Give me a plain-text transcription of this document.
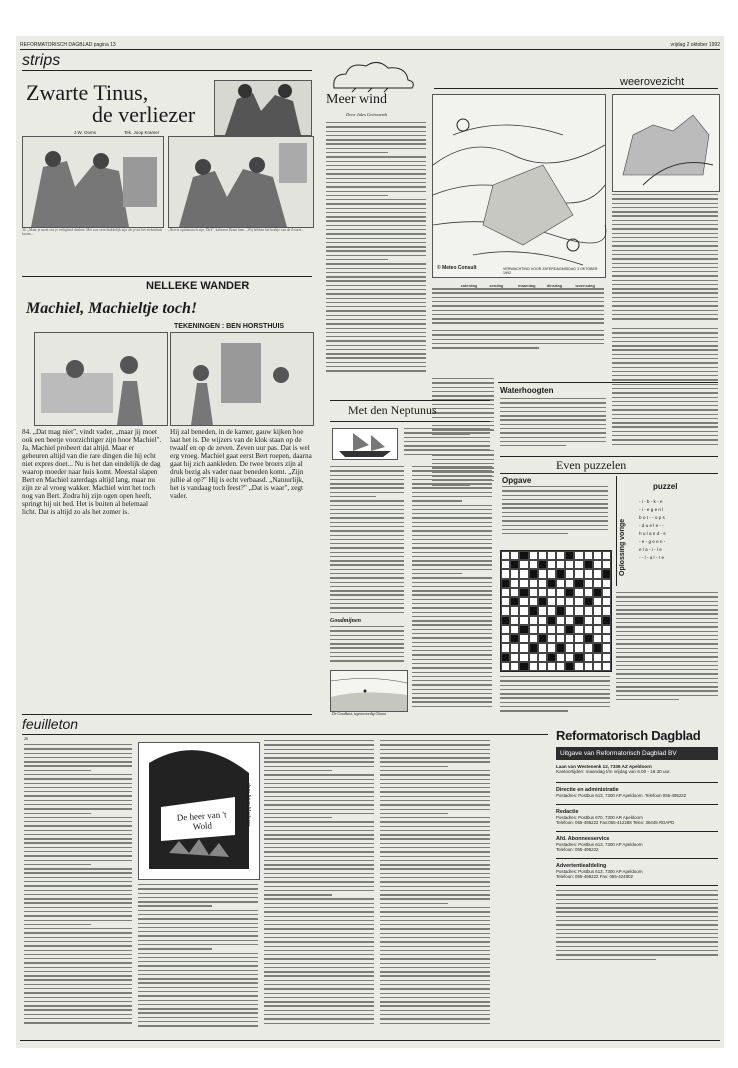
REFORMATORISCH DAGBLAD pagina 13	vrijdag 2 oktober 1992
strips
Zwarte Tinus,
de verliezer
J.W. Ooms	Tek. Joop Kramer
34. „Maar je moet ons je veiligheid denken. Met zou verschrikkelijk zijn als je uit het ziekenhuis kwam...
„Niet te optimistisch zijn, Dirk", kalmeert Bram hem. „Wij hebben het boekje van de Zwarte...
NELLEKE WANDER
Machiel, Machieltje toch!
TEKENINGEN : BEN HORSTHUIS
84. „Dat mag niet", vindt vader, „maar jij moet ook een beetje voorzichtiger zijn hoor Machiel". Ja, Machiel probeert dat altijd. Maar er gebeuren altijd van die rare dingen die hij echt niet expres doet... Nu is het dan eindelijk de dag waarop moeder naar huis komt. Meestal slapen Bert en Machiel zaterdags altijd lang, maar nu zijn ze al vroeg wakker. Machiel wint het toch nog van Bert. Zodra hij zijn ogen open heeft, springt hij uit bed. Het is buiten al helemaal licht. Dat is altijd zo als het zomer is.
Hij zal beneden, in de kamer, gauw kijken hoe laat het is. De wijzers van de klok staan op de twaalf en op de zeven. Zeven uur pas. Dat is wel erg vroeg. Machiel gaat eerst Bert roepen, daarna gaat hij zich aankleden. De twee broers zijn al druk bezig als vader naar beneden komt. „Zijn jullie al op?" Hij is echt verbaasd. „Natuurlijk, het is vandaag toch feest?" „Dat is waar", zegt vader.
feuilleton
26
De heer van 't Wold	door Arjan Moderns
Meer wind
Door Jules Geirnaerdt
weerovezicht
© Meteo Consult	VERWACHTING VOOR ZATERDAGMIDDAG 3 OKTOBER 1992
zaterdag	zondag	maandag	dinsdag	woensdag
Waterhoogten
Met den Neptunus
Goudmijnen
De Goudkust, tegenwoordig Ghana
Even puzzelen
Opgave
Oplossing vorige
puzzel
- i - b - k - e
- i - e g e n l
b o t - - o p s
- d u e l e - -
h u l a n d - s
- e - g e e n -
e l a - i - l e
- - l - a l - r e
Reformatorisch Dagblad
Uitgave van Reformatorisch Dagblad BV
Laan van Westenenk 12, 7336 AZ Apeldoorn
Kantoortijden: maandag t/m vrijdag van 6.00 - 16.30 uur.
Directie en administratie
Postadres: Postbus 613, 7300 AP Apeldoorn. Telefoon 055-495222
Redactie
Postadres: Postbus 670, 7300 AR Apeldoorn
Telefoon: 055-495222 Fax:055-412288 Telex: 36445 RDAPD
Afd. Abonneeservice
Postadres: Postbus 613, 7300 AP Apeldoorn
Telefoon: 055-495222
Advertentieafdeling
Postadres: Postbus 613, 7300 AP Apeldoorn
Telefoon: 055-495222 Fax: 055-424802
